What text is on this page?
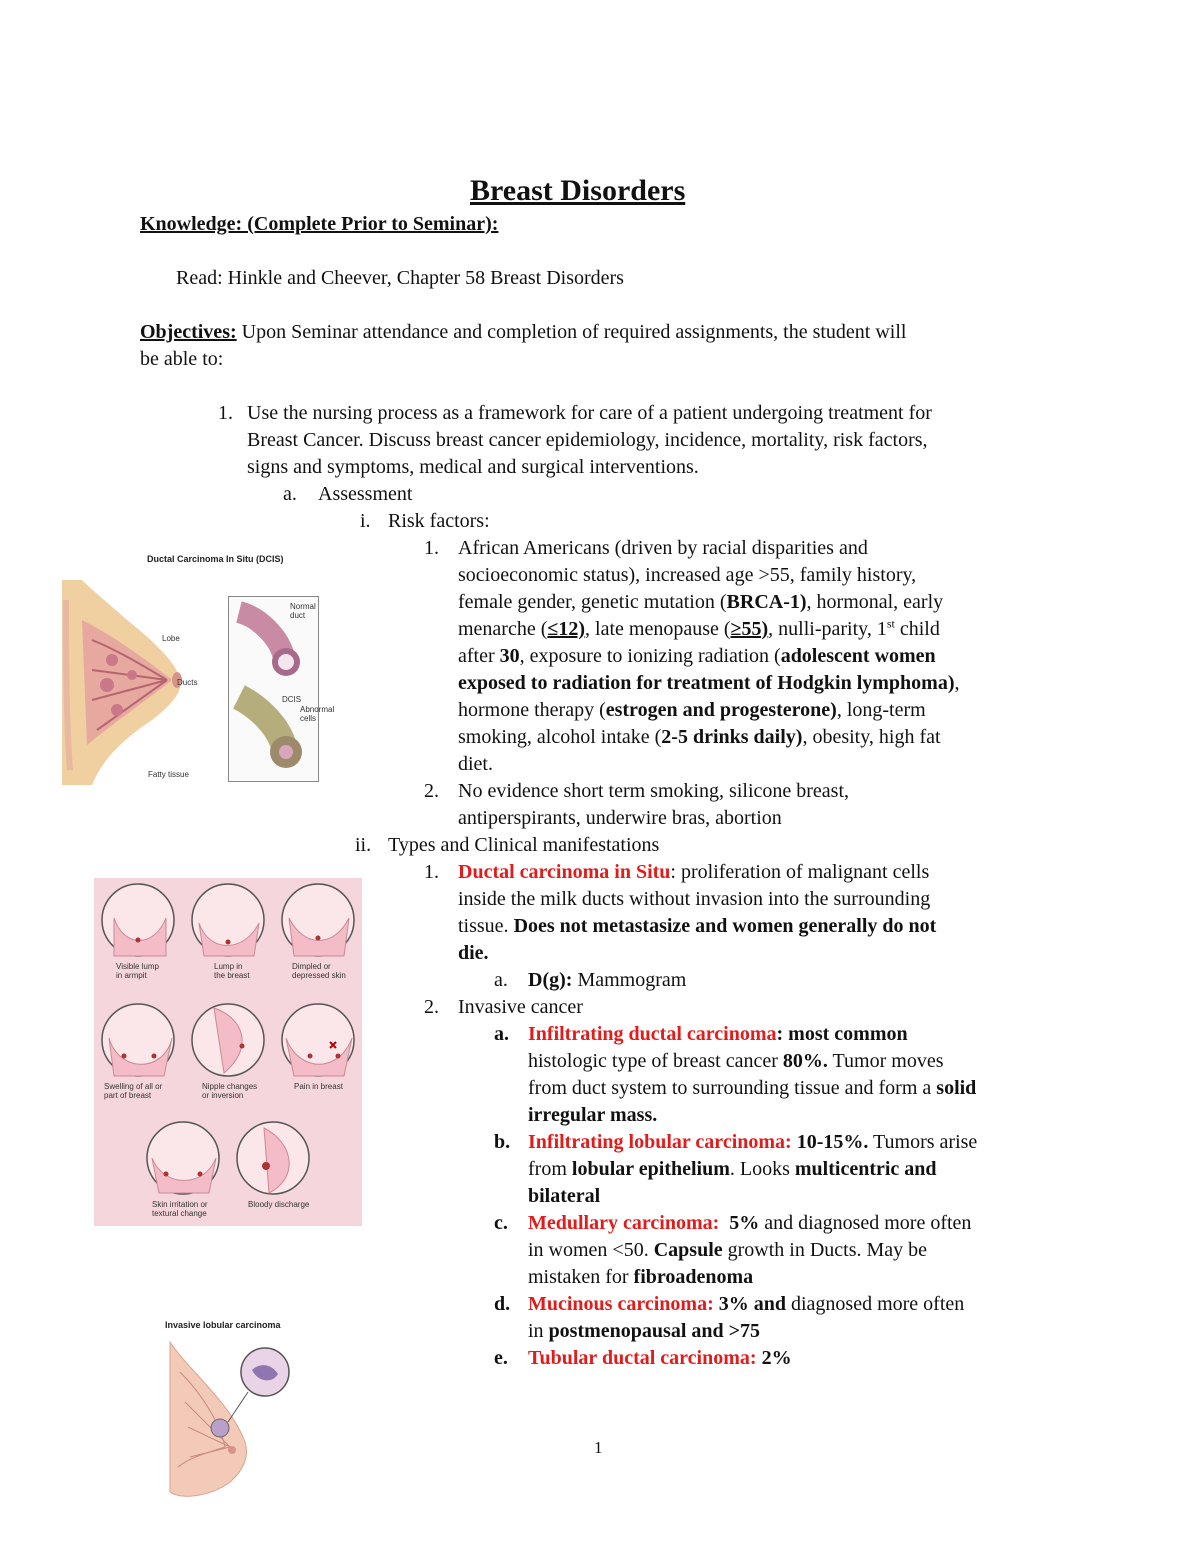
Breast Disorders
Knowledge: (Complete Prior to Seminar):
Read: Hinkle and Cheever, Chapter 58 Breast Disorders
Objectives: Upon Seminar attendance and completion of required assignments, the student will
be able to:
1. Use the nursing process as a framework for care of a patient undergoing treatment for
Breast Cancer. Discuss breast cancer epidemiology, incidence, mortality, risk factors,
signs and symptoms, medical and surgical interventions.
a. Assessment
i. Risk factors:
1. African Americans (driven by racial disparities and
socioeconomic status), increased age >55, family history,
female gender, genetic mutation (BRCA-1), hormonal, early
menarche (≤12), late menopause (≥55), nulli-parity, 1st child
after 30, exposure to ionizing radiation (adolescent women
exposed to radiation for treatment of Hodgkin lymphoma),
hormone therapy (estrogen and progesterone), long-term
smoking, alcohol intake (2-5 drinks daily), obesity, high fat
diet.
2. No evidence short term smoking, silicone breast,
antiperspirants, underwire bras, abortion
ii. Types and Clinical manifestations
1. Ductal carcinoma in Situ: proliferation of malignant cells
inside the milk ducts without invasion into the surrounding
tissue. Does not metastasize and women generally do not
die.
a. D(g): Mammogram
2. Invasive cancer
a. Infiltrating ductal carcinoma: most common
histologic type of breast cancer 80%. Tumor moves
from duct system to surrounding tissue and form a solid
irregular mass.
b. Infiltrating lobular carcinoma: 10-15%. Tumors arise
from lobular epithelium. Looks multicentric and
bilateral
c. Medullary carcinoma:  5% and diagnosed more often
in women <50. Capsule growth in Ducts. May be
mistaken for fibroadenoma
d. Mucinous carcinoma: 3% and diagnosed more often
in postmenopausal and >75
e. Tubular ductal carcinoma: 2%
1
Ductal Carcinoma In Situ (DCIS)
Lobe
Ducts
Fatty tissue
Normal duct
DCIS
Abnormal cells
Visible lump in armpit
Lump in the breast
Dimpled or depressed skin
Swelling of all or part of breast
Nipple changes or inversion
Pain in breast
Skin irritation or textural change
Bloody discharge
Invasive lobular carcinoma
